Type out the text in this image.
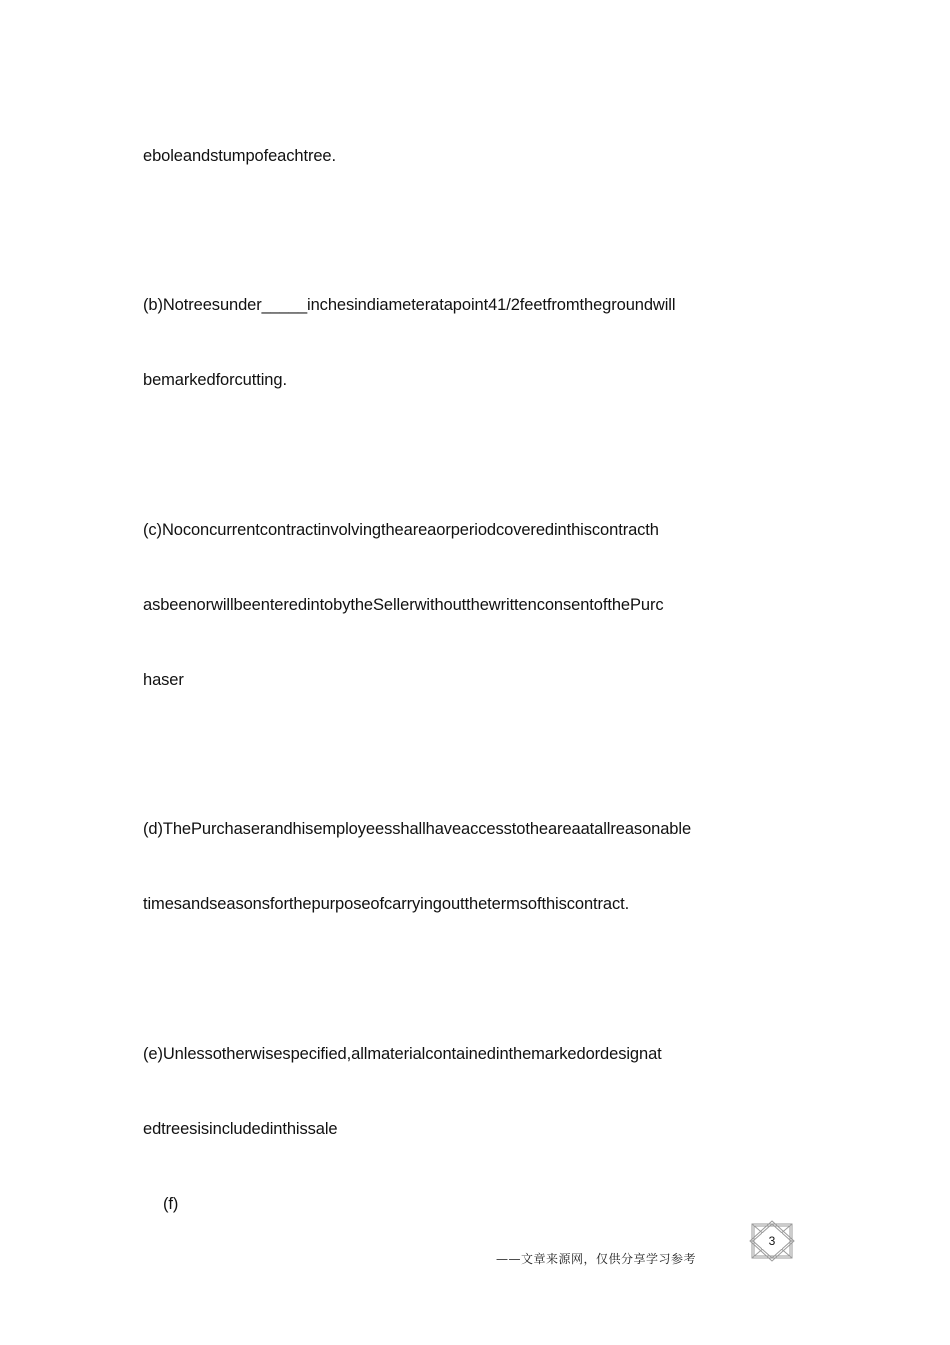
eboleandstumpofeachtree.
(b)Notreesunder_____inchesindiameteratapoint41/2feetfromthegroundwill
bemarkedforcutting.
(c)Noconcurrentcontractinvolvingtheareaorperiodcoveredinthiscontracth
asbeenorwillbeenteredintobytheSellerwithoutthewrittenconsentofthePurc
haser
(d)ThePurchaserandhisemployeesshallhaveaccesstotheareaatallreasonable
timesandseasonsforthepurposeofcarryingoutthetermsofthiscontract.
(e)Unlessotherwisespecified,allmaterialcontainedinthemarkedordesignat
edtreesisincludedinthissale
(f)
——文章来源网，仅供分享学习参考
3
